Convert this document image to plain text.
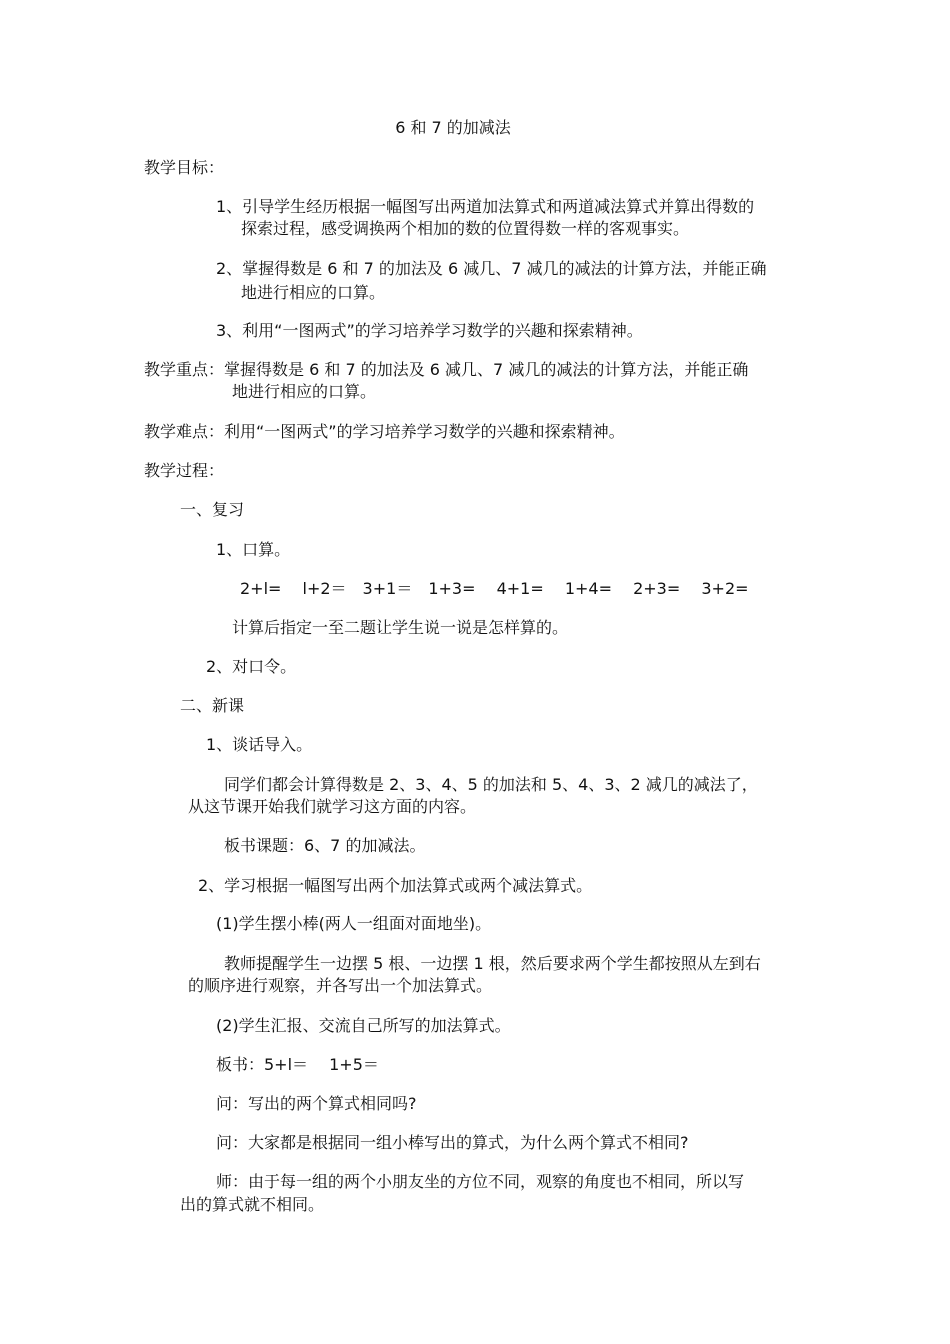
6 和 7 的加减法
教学目标：
1、引导学生经历根据一幅图写出两道加法算式和两道减法算式并算出得数的
探索过程，感受调换两个相加的数的位置得数一样的客观事实。
2、掌握得数是 6 和 7 的加法及 6 减几、7 减几的减法的计算方法，并能正确
地进行相应的口算。
3、利用“一图两式”的学习培养学习数学的兴趣和探索精神。
教学重点：掌握得数是 6 和 7 的加法及 6 减几、7 减几的减法的计算方法，并能正确
地进行相应的口算。
教学难点：利用“一图两式”的学习培养学习数学的兴趣和探索精神。
教学过程：
一、复习
1、口算。
2+l=　 l+2＝　3+1＝　1+3=　 4+1=　 1+4=　 2+3=　 3+2=
计算后指定一至二题让学生说一说是怎样算的。
2、对口令。
二、新课
1、谈话导入。
同学们都会计算得数是 2、3、4、5 的加法和 5、4、3、2 减几的减法了，
从这节课开始我们就学习这方面的内容。
板书课题：6、7 的加减法。
2、学习根据一幅图写出两个加法算式或两个减法算式。
(1)学生摆小棒(两人一组面对面地坐)。
教师提醒学生一边摆 5 根、一边摆 1 根，然后要求两个学生都按照从左到右
的顺序进行观察，并各写出一个加法算式。
(2)学生汇报、交流自己所写的加法算式。
板书：5+l＝　 1+5＝
问：写出的两个算式相同吗?
问：大家都是根据同一组小棒写出的算式，为什么两个算式不相同?
师：由于每一组的两个小朋友坐的方位不同，观察的角度也不相同，所以写
出的算式就不相同。
